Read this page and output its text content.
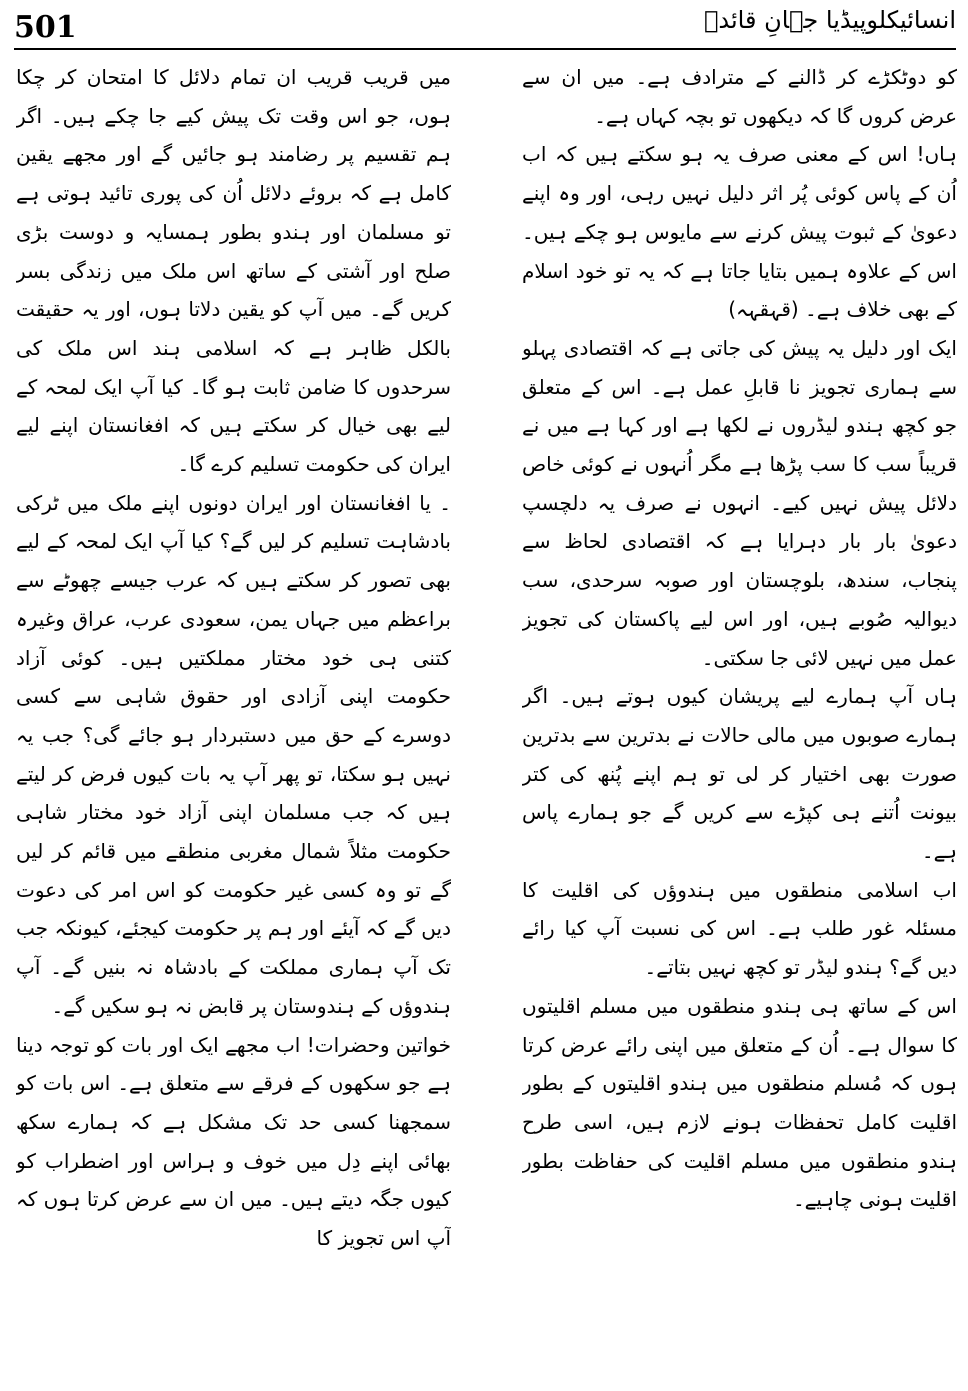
501	انسائیکلوپیڈیا جہانِ قائدؒ

کو دوٹکڑے کر ڈالنے کے مترادف ہے۔ میں ان سے عرض کروں گا کہ دیکھوں تو بچہ کہاں ہے۔

ہاں! اس کے معنی صرف یہ ہو سکتے ہیں کہ اب اُن کے پاس کوئی پُر اثر دلیل نہیں رہی، اور وہ اپنے دعویٰ کے ثبوت پیش کرنے سے مایوس ہو چکے ہیں۔ اس کے علاوہ ہمیں بتایا جاتا ہے کہ یہ تو خود اسلام کے بھی خلاف ہے۔ (قہقہہ)

ایک اور دلیل یہ پیش کی جاتی ہے کہ اقتصادی پہلو سے ہماری تجویز نا قابلِ عمل ہے۔ اس کے متعلق جو کچھ ہندو لیڈروں نے لکھا ہے اور کہا ہے میں نے قریباً سب کا سب پڑھا ہے مگر اُنہوں نے کوئی خاص دلائل پیش نہیں کیے۔ انہوں نے صرف یہ دلچسپ دعویٰ بار بار دہرایا ہے کہ اقتصادی لحاظ سے پنجاب، سندھ، بلوچستان اور صوبہ سرحدی، سب دیوالیہ صُوبے ہیں، اور اس لیے پاکستان کی تجویز عمل میں نہیں لائی جا سکتی۔

ہاں آپ ہمارے لیے پریشان کیوں ہوتے ہیں۔ اگر ہمارے صوبوں میں مالی حالات نے بدترین سے بدترین صورت بھی اختیار کر لی تو ہم اپنے پُنھ کی کتر بیونت اُتنے ہی کپڑے سے کریں گے جو ہمارے پاس ہے۔

اب اسلامی منطقوں میں ہندوؤں کی اقلیت کا مسئلہ غور طلب ہے۔ اس کی نسبت آپ کیا رائے دیں گے؟ ہندو لیڈر تو کچھ نہیں بتاتے۔

اس کے ساتھ ہی ہندو منطقوں میں مسلم اقلیتوں کا سوال ہے۔ اُن کے متعلق میں اپنی رائے عرض کرتا ہوں کہ مُسلم منطقوں میں ہندو اقلیتوں کے بطور اقلیت کامل تحفظات ہونے لازم ہیں، اسی طرح ہندو منطقوں میں مسلم اقلیت کی حفاظت بطور اقلیت ہونی چاہیے۔

میں قریب قریب ان تمام دلائل کا امتحان کر چکا ہوں، جو اس وقت تک پیش کیے جا چکے ہیں۔ اگر ہم تقسیم پر رضامند ہو جائیں گے اور مجھے یقین کامل ہے کہ بروئے دلائل اُن کی پوری تائید ہوتی ہے تو مسلمان اور ہندو بطور ہمسایہ و دوست بڑی صلح اور آشتی کے ساتھ اس ملک میں زندگی بسر کریں گے۔ میں آپ کو یقین دلاتا ہوں، اور یہ حقیقت بالکل ظاہر ہے کہ اسلامی ہند اس ملک کی سرحدوں کا ضامن ثابت ہو گا۔ کیا آپ ایک لمحہ کے لیے بھی خیال کر سکتے ہیں کہ افغانستان اپنے لیے ایران کی حکومت تسلیم کرے گا۔

۔ یا افغانستان اور ایران دونوں اپنے ملک میں ٹرکی بادشاہت تسلیم کر لیں گے؟ کیا آپ ایک لمحہ کے لیے بھی تصور کر سکتے ہیں کہ عرب جیسے چھوٹے سے براعظم میں جہاں یمن، سعودی عرب، عراق وغیرہ کتنی ہی خود مختار مملکتیں ہیں۔ کوئی آزاد حکومت اپنی آزادی اور حقوق شاہی سے کسی دوسرے کے حق میں دستبردار ہو جائے گی؟ جب یہ نہیں ہو سکتا، تو پھر آپ یہ بات کیوں فرض کر لیتے ہیں کہ جب مسلمان اپنی آزاد خود مختار شاہی حکومت مثلاً شمال مغربی منطقے میں قائم کر لیں گے تو وہ کسی غیر حکومت کو اس امر کی دعوت دیں گے کہ آیئے اور ہم پر حکومت کیجئے، کیونکہ جب تک آپ ہماری مملکت کے بادشاہ نہ بنیں گے۔ آپ ہندوؤں کے ہندوستان پر قابض نہ ہو سکیں گے۔

خواتین وحضرات! اب مجھے ایک اور بات کو توجہ دینا ہے جو سکھوں کے فرقے سے متعلق ہے۔ اس بات کو سمجھنا کسی حد تک مشکل ہے کہ ہمارے سکھ بھائی اپنے دِل میں خوف و ہراس اور اضطراب کو کیوں جگہ دیتے ہیں۔ میں ان سے عرض کرتا ہوں کہ آپ اس تجویز کا
